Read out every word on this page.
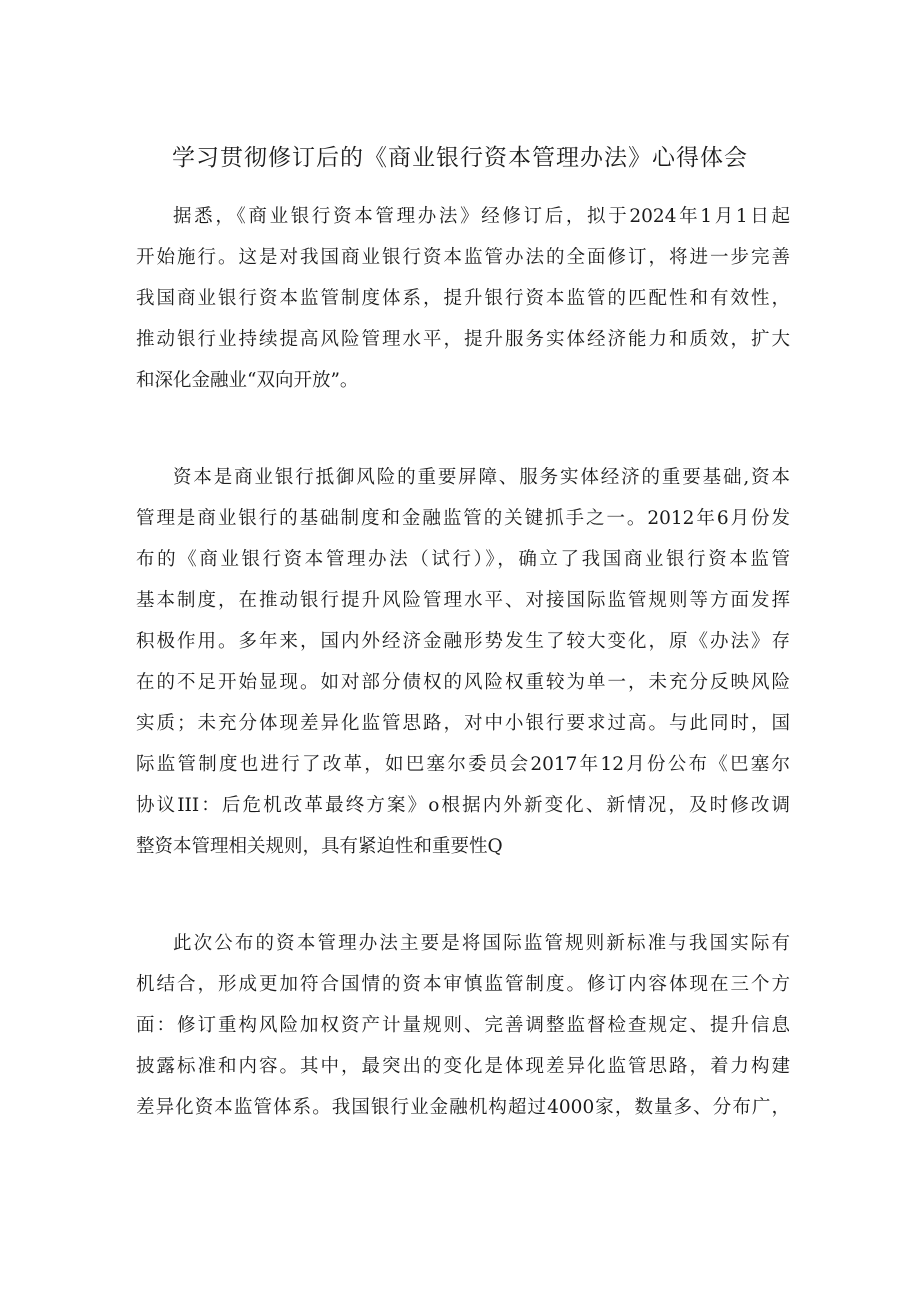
学习贯彻修订后的《商业银行资本管理办法》心得体会
据悉，《商业银行资本管理办法》经修订后，拟于2024年1月1日起
开始施行。这是对我国商业银行资本监管办法的全面修订，将进一步完善
我国商业银行资本监管制度体系，提升银行资本监管的匹配性和有效性，
推动银行业持续提高风险管理水平，提升服务实体经济能力和质效，扩大
和深化金融业“双向开放”。
资本是商业银行抵御风险的重要屏障、服务实体经济的重要基础,资本
管理是商业银行的基础制度和金融监管的关键抓手之一。2012年6月份发
布的《商业银行资本管理办法（试行）》，确立了我国商业银行资本监管
基本制度，在推动银行提升风险管理水平、对接国际监管规则等方面发挥
积极作用。多年来，国内外经济金融形势发生了较大变化，原《办法》存
在的不足开始显现。如对部分债权的风险权重较为单一，未充分反映风险
实质；未充分体现差异化监管思路，对中小银行要求过高。与此同时，国
际监管制度也进行了改革，如巴塞尔委员会2017年12月份公布《巴塞尔
协议III：后危机改革最终方案》o根据内外新变化、新情况，及时修改调
整资本管理相关规则，具有紧迫性和重要性Q
此次公布的资本管理办法主要是将国际监管规则新标准与我国实际有
机结合，形成更加符合国情的资本审慎监管制度。修订内容体现在三个方
面：修订重构风险加权资产计量规则、完善调整监督检查规定、提升信息
披露标准和内容。其中，最突出的变化是体现差异化监管思路，着力构建
差异化资本监管体系。我国银行业金融机构超过4000家，数量多、分布广，
